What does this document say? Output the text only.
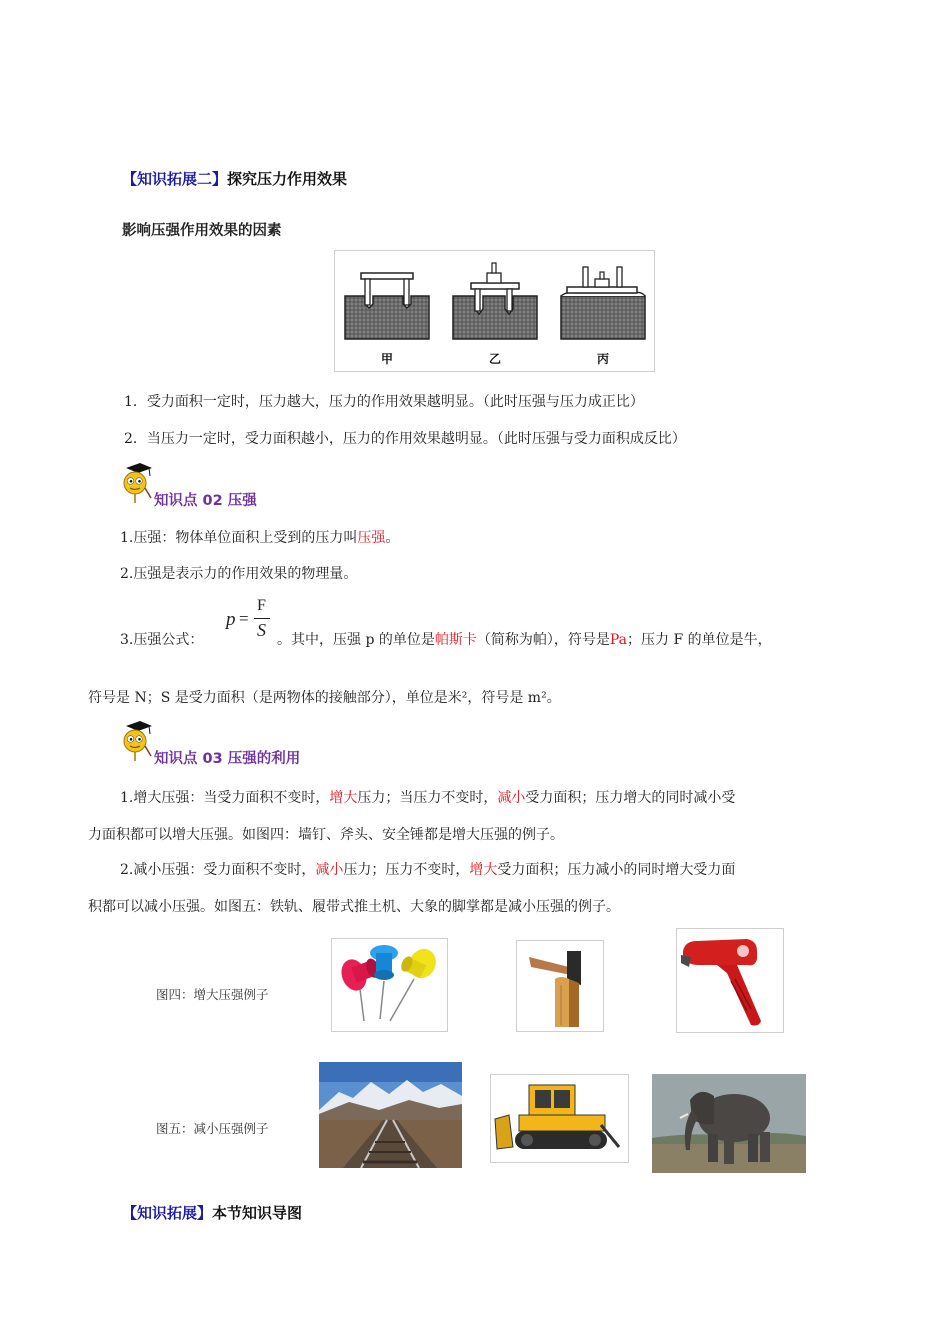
【知识拓展二】探究压力作用效果
影响压强作用效果的因素
甲	乙	丙
1．受力面积一定时，压力越大，压力的作用效果越明显。（此时压强与压力成正比）
2．当压力一定时，受力面积越小，压力的作用效果越明显。（此时压强与受力面积成反比）
知识点 02 压强
1.压强：物体单位面积上受到的压力叫压强。
2.压强是表示力的作用效果的物理量。
3.压强公式：
p =
F
S 。其中，压强 p 的单位是帕斯卡（简称为帕），符号是Pa；压力 F 的单位是牛，
符号是 N；S 是受力面积（是两物体的接触部分），单位是米²，符号是 m²。
知识点 03 压强的利用
1.增大压强：当受力面积不变时，增大压力；当压力不变时，减小受力面积；压力增大的同时减小受
力面积都可以增大压强。如图四：墙钉、斧头、安全锤都是增大压强的例子。
2.减小压强：受力面积不变时，减小压力；压力不变时，增大受力面积；压力减小的同时增大受力面
积都可以减小压强。如图五：铁轨、履带式推土机、大象的脚掌都是减小压强的例子。
图四：增大压强例子
图五：减小压强例子
【知识拓展】本节知识导图
